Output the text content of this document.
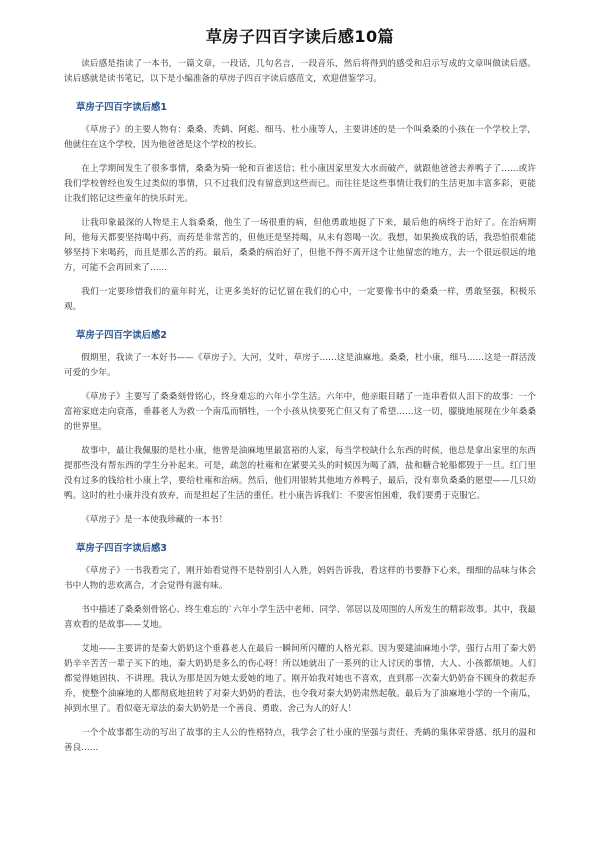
草房子四百字读后感10篇

读后感是指读了一本书，一篇文章，一段话，几句名言，一段音乐，然后将得到的感受和启示写成的文章叫做读后感。读后感就是读书笔记，以下是小编准备的草房子四百字读后感范文，欢迎借鉴学习。

草房子四百字读后感1

《草房子》的主要人物有：桑桑、秃鹤、阿彪、细马、杜小康等人，主要讲述的是一个叫桑桑的小孩在一个学校上学，他就住在这个学校，因为他爸爸是这个学校的校长。

在上学期间发生了很多事情，桑桑为骑一轮和百雀送信；杜小康因家里发大水而破产，就跟他爸爸去养鸭子了……或许我们学校曾经也发生过类似的事情，只不过我们没有留意到这些而已。而往往是这些事情让我们的生活更加丰富多彩，更能让我们铭记这些童年的快乐时光。

让我印象最深的人物是主人翁桑桑，他生了一场很重的病，但他勇敢地挺了下来，最后他的病终于治好了。在治病期间，他每天都要坚持喝中药，而药是非常苦的，但他还是坚持喝，从未有怨喝一次。我想，如果换成我的话，我恐怕很难能够坚持下来喝药，而且是那么苦的药。最后，桑桑的病治好了，但他不得不离开这个让他留恋的地方，去一个很远很远的地方，可能不会再回来了……

我们一定要珍惜我们的童年时光，让更多美好的记忆留在我们的心中，一定要像书中的桑桑一样，勇敢坚强，积极乐观。

草房子四百字读后感2

假期里，我读了一本好书——《草房子》。大河，艾叶，草房子……这是油麻地。桑桑，杜小康，细马……这是一群活泼可爱的少年。

《草房子》主要写了桑桑刻骨铭心，终身难忘的六年小学生活。六年中，他亲眼目睹了一连串看似人泪下的故事：一个富裕家庭走向衰落，垂暮老人为救一个南瓜而牺牲，一个小孩从快要死亡但又有了希望……这一切，朦胧地展现在少年桑桑的世界里。

故事中，最让我佩服的是杜小康，他曾是油麻地里最富裕的人家，每当学校缺什么东西的时候，他总是拿出家里的东西提那些没有帮东西的学生分补起来。可是，疏忽的杜雍和在紧要关头的时候因为喝了酒，盐和糖合轮船都毁于一旦。红门里没有过多的钱给杜小康上学，要给杜雍和治病。然后，他们用银转其他地方养鸭子，最后，没有辜负桑桑的愿望——几只幼鸭。这时的杜小康并没有放弃，而是担起了生活的重任。杜小康告诉我们：不要害怕困难，我们要勇于克服它。

《草房子》是一本使我珍藏的一本书！

草房子四百字读后感3

《草房子》一书我看完了，刚开始看觉得不是特别引人入胜，妈妈告诉我，看这样的书要静下心来，细细的品味与体会书中人物的悲欢离合，才会觉得有滋有味。

书中描述了桑桑刻骨铭心、终生难忘的`六年小学生活中老师、同学、邻居以及周围的人所发生的精彩故事。其中，我最喜欢看的是故事——艾地。

艾地——主要讲的是秦大奶奶这个垂暮老人在最后一瞬间所闪耀的人格光彩。因为要建油麻地小学，强行占用了秦大奶奶辛辛苦苦一辈子买下的地，秦大奶奶是多么的伤心呀！所以她就出了一系列的让人讨厌的事情，大人、小孩都烦她。人们都觉得她固执、不讲理。我认为那是因为她太爱她的地了。刚开始我对她也不喜欢，直到那一次秦大奶奶奋不顾身的救起乔乔，使整个油麻地的人都彻底地扭转了对秦大奶奶的看法，也令我对秦大奶奶肃然起敬。最后为了油麻地小学的一个南瓜，掉到水里了。看似毫无章法的秦大奶奶是一个善良、勇敢、舍己为人的好人！

一个个故事都生动的写出了故事的主人公的性格特点，我学会了杜小康的坚强与责任、秃鹤的集体荣誉感、纸月的温和善良……
